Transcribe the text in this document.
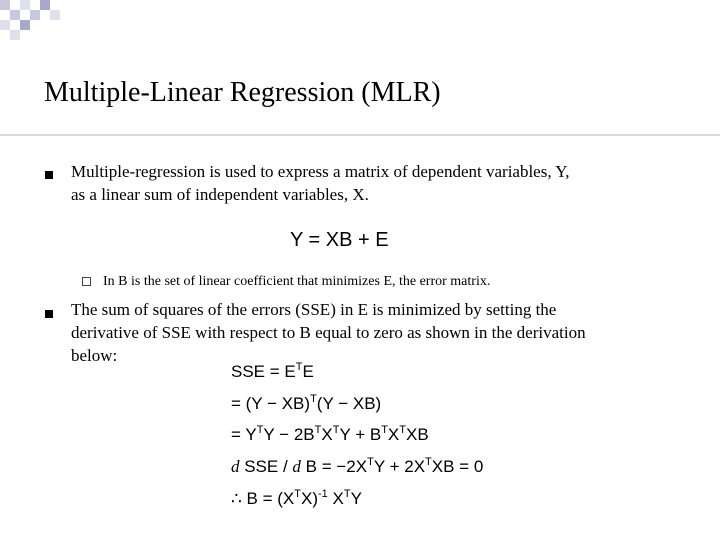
Multiple-Linear Regression (MLR)
Multiple-regression is used to express a matrix of dependent variables, Y,
as a linear sum of independent variables, X.
Y = XB + E
In B is the set of linear coefficient that minimizes E, the error matrix.
The sum of squares of the errors (SSE) in E is minimized by setting the
derivative of SSE with respect to B equal to zero as shown in the derivation
below:
SSE = $E^TE$
= (Y − XB)$^T$(Y − XB)
= $Y^TY - 2B^TX^TY + B^TX^TXB$
d SSE / d $B = -2X^TY + 2X^TXB = 0$
∴ $B = (X^TX)^{-1}$ $X^TY$
